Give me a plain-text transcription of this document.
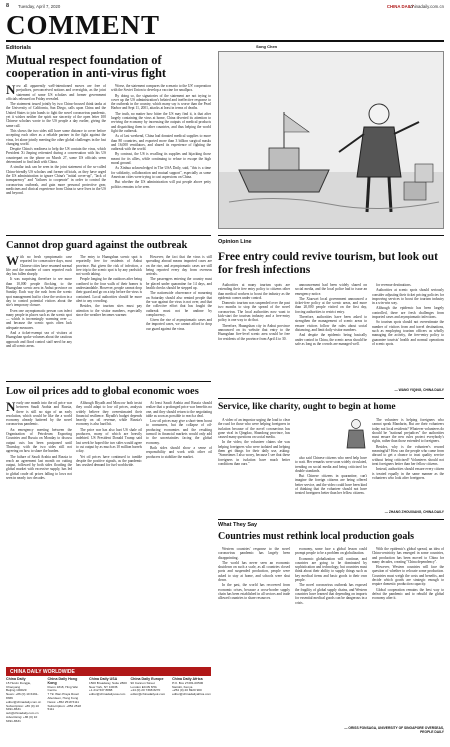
8 Tuesday, April 7, 2020	CHINA DAILY
chinadaily.com.cn
COMMENT
Editorials
Mutual respect foundation of cooperation in anti-virus fight
N ow all apparently well-intentioned moves are free of prejudices, preconceived notions and oversights, as the joint statement of some US scholars and former government officials released on Friday revealed.

The statement issued jointly by two China-focused think tanks at the University of California, San Diego, calls upon China and the United States to join hands to fight the novel coronavirus pandemic, yet it wishes neither the spirit nor sincerity of the open letter 100 Chinese scholars wrote to the US people a day earlier, giving the same call.

This shows the two sides still have some distance to cover before accepting each other as a reliable partner in the fight against the virus, let alone jointly meeting the other global challenges in the fast changing world.

Despite China's readiness to help the US contain the virus, which President Xi Jinping reiterated during a conversation with his US counterpart on the phone on March 27, some US officials seem determined to find fault with China.

A similar task can be seen in the joint statement of the so-called China-friendly US scholars and former officials, as they have urged the US administration to ignore China's "initial cover-up", "lack of transparency" and "failures to cooperate" in order to control the coronavirus outbreak, and gain more personal protective gear, medicines and clinical experience from China to save lives in the US and beyond.

Worse, the statement compares the scenario to the US' cooperation with the Soviet Union to develop a vaccine for smallpox.

By doing so, the signatories of the statement are not trying to cover up the US administration's belated and ineffective response to the outbreak in the country, which many say is worse than the Pearl Harbor and Sept 11, 2001, attacks at least in terms of deaths.

The truth, no matter how bitter the US may find it, is that after largely containing the virus at home, China diverted its attention to reviving the economy by increasing the outputs of medical products and dispatching them to other countries, and thus helping the world fight the outbreak.

As of last weekend, China had donated medical supplies to more than 80 countries, and exported more than 3 billion surgical masks and 16,000 ventilators, and shared its experience of fighting the outbreak with the world.

By contrast, the US is recalling its supplies and hijacking those meant for its allies, while continuing to refuse to escape the high moral ground.

As Xinhua acknowledged in The USA Daily, said, "this is a time for solidarity, collaboration and mutual support", especially as some American cities were trying to cast aspersions on China.

But whether the US administration will put people above petty politics remains to be seen.

Song Chen
Opinion Line
Free entry could revive tourism, but look out for fresh infections

Authorities at many tourism spots are extending their free entry policy to citizens other than medical workers to boost the industry as the epidemic comes under control.

Domestic tourism was suspended over the past two months to stop the spread of the novel coronavirus. The local authorities now want to kick-start the tourism industry and a free-entry policy is one way to do that.

Therefore, Huangshan city in Anhui province announced on its website that entry to the Huangshan five-level scenic area would be free for residents of the province from April 4 to 30.

announcement had been widely shared on social media, and the local police had to issue an emergency notice.

The Xiaowei local government announced a ticket-free policy at the scenic areas, and more than 20,000 people visited on the first day, forcing authorities to restrict entry.

Therefore, authorities have been asked to strengthen the management of scenic areas to ensure visitors follow the rules about social distancing, and limit daily visitor numbers.

And despite the epidemic being basically under control in China, the scenic areas should be safe as long as the crowds are managed well.

for revenue destinations.

Authorities at scenic spots should seriously consider adjusting their ticket pricing policies for improving services to boost the tourism industry in a win-win way.

Although the epidemic has been largely controlled, there are fresh challenges from imported cases and asymptomatic infections.

So tourism spots should not overestimate the number of visitors from and travel destinations, such as employing tourism officers as wholly managing the activity, the free-entry policy to guarantee tourists' health and normal operations of scenic spots.

— WANG YIQING, CHINA DAILY
Cannot drop guard against the outbreak
W ith no fresh symptomatic case reported for consecutive days, most Chinese cities have resumed normal life and the number of cases reported each day has fallen sharply.

It was surprising therefore to see more than 10,000 people flocking to the Huangshan scenic area in Anhui province on Sunday. Each way the rush from the scenic spot management had to close the section in a day to control potential visitors about the site's temporary closure.

Even one asymptomatic person can infect many people in places such as the scenic spot — which is increasingly warming over — and because the scenic spots often lack adequate measures.

And a ticket-exempt sea of visitors at Huangshan spoke volumes about the cautious approach and flood control staff need for any and all scenic areas.

The entry to Huangshan scenic spot is reportedly free for residents of Anhui province. But given the risk of infection, a free trip to the scenic spot is by any yardstick not worth taking.

People longing for the outdoors after being confined to the four walls of their homes is understandable. However, people cannot drop their guard and go on a trip before the virus is contained. Local authorities should be more alert to any crowding.

Besides, the tourism sites must pay attention to the visitor numbers, especially since the weather becomes warmer.

However, the fact that the virus is still spreading abroad means imported cases are on the rise, and asymptomatic cases are still being reported every day from overseas arrivals.

The passengers entering the country must be placed under quarantine for 14 days, and health checks should be stepped up.

The nationwide observance of mourning on Saturday should also remind people that the war against the virus is not over, and that the collective effort that has fought the outbreak must not be undone by complacency.

Given the rise of asymptomatic cases and the imported cases, we cannot afford to drop our guard against the virus.

Low oil prices add to global economic woes
N early one month into the oil price war between Saudi Arabia and Russia, there is still no sign of an early resolution, which would be like the a world economy already battered by the novel coronavirus pandemic.

An emergency meeting between the Organization of Petroleum Exporting Countries and Russia on Monday to discuss output cuts has been postponed until Thursday, with the two sides still not agreeing on how to share the burden.

The failure of Saudi Arabia and Russia to reach an agreement last month on cutting output, followed by both sides flooding the global market with excessive supply, has led to global crude oil prices falling to lows not seen in nearly two decades.

Although Riyadh and Moscow both insist they could adapt to low oil prices, analysts widely believe they overestimated their financial resilience. Riyadh's budget depends heavily on oil revenue, while Russia's economy is also hard hit.

The price war has also hurt US shale oil producers, many of which are heavily indebted. US President Donald Trump said last week he hoped the two sides would agree to cut output by as much as 10 million barrels a day.

Yet oil prices have continued to tumble despite the positive signals, as the pandemic has crushed demand for fuel worldwide.

At least Saudi Arabia and Russia should realize that a prolonged price war benefits no one, and they should return to the negotiating table as soon as possible to reach a deal.

Low oil prices may give a short-term boost to consumers, but the collapse of oil-producing economies and the resulting turmoil in financial markets would only add to the uncertainties facing the global economy.

Both sides should show a sense of responsibility and work with other oil producers to stabilize the market.

Service, like charity, ought to begin at home

A video of an impostor urging the load to clear the road for those who were helping foreigners in isolation because of the novel coronavirus has gone viral in Qingdao, Shandong province, has caused many questions on social media.

In the video, the volunteer claims she was helping foreigners who were isolated and helping them get things for their daily use, asking: "Sometimes I also worry, because I see that these foreigners in isolation have much better conditions than ours."

also said Chinese citizens who need help have to wait. Her remarks were soon widely circulated, trending on social media and being criticized for double standards.

But Chinese citizens in quarantine, can't imagine the foreign citizens are being offered better service, and the video could have been kind of thinking that the volunteer should not have treated foreigners better than her fellow citizens.

The volunteer is helping foreigners who cannot speak Mandarin, But are their volunteers today not local residents? Whatever volunteers do should be "national prejudices" the authorities must ensure the new rules protect everybody's rights, rather than those extended to foreigners.

Besides, why is the volunteer's reward meaningful? How can the people who came from abroad to get a chance to trust quality service without being criticized? Volunteers should not treat foreigners better than her fellow citizens.

Instead, authorities should ensure every citizen is treated equally in the same manner as the volunteers who look after foreigners.

— ZHANG ZHOUXIANG, CHINA DAILY
What They Say
Countries must rethink local production goals

Western countries' response to the novel coronavirus pandemic has largely been disappointing.

The world has never seen an economic shutdown on such a scale, as all countries closed ports and suspended production, people were asked to stay at home, and schools were shut down.

In the past, the world has recovered from economic crises, because a cross-border supply chain has been established in all sectors and trade allowed countries to share resources.

economy, some face a global lesson could prompt people to be a problem on globalization.

Economic globalization will continue, and countries are going to be dominated by sophistication and technology; but countries must think about their ability to supply things such as key medical items and basic goods to their own people.

The novel coronavirus outbreak has exposed the fragility of global supply chains, and Western countries have learned that depending on imports for essential medical goods can be dangerous in a crisis.

With the epidemic's global spread, an idea of China-centricity has emerged in some countries, and production has been moved to China for many decades, creating "China dependency".

However, Western countries will face the question of whether to relocate some production. Countries must weigh the costs and benefits, and decide which goods are strategic enough to require domestic production capacity.

Global cooperation remains the best way to defeat the pandemic and to rebuild the global economy after it.

— ORISS FONSAGA, UNIVERSITY OF SINGAPORE OVERSEAS, PEOPLE DAILY
CHINA DAILY WORLDWIDE
China Daily
15 Huixin Dongjie, Chaoyang
Beijing 100029
News: +86 (0) 10 6491-8366
editor@chinadaily.com.cn
Subscription: +86 (0) 10 6491-8631
sub@chinadaily.com.cn
Advertising: +86 (0) 10 6491-8631
China Daily Hong Kong
Room 1818, Hing Wai Centre
7 Tin Wan Praya Road
Aberdeen, Hong Kong
News: +852 2518 5111
Subscription: +852 2518 5111
China Daily USA
1500 Broadway, Suite 2800
New York, NY 10036
+1 212 537 8888
editor@chinadailyusa.com
China Daily Europe
90 Cannon Street
London EC4N 6HA
+44 (0) 20 7398 8270
editor@chinadailyuk.com
China Daily Africa
P.O. Box 27281-00506
Nairobi, Kenya
+254 (0) 20 6920 900
editor@chinadailyafrica.com
